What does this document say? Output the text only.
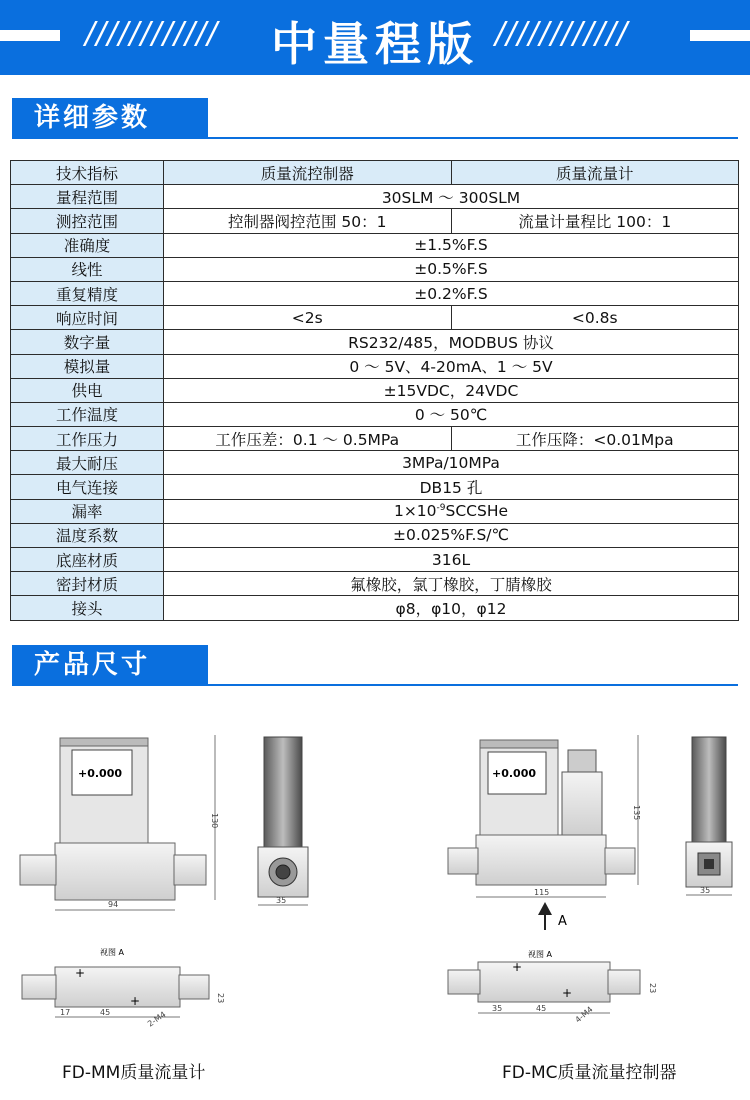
////////////	中量程版 ////////////
详细参数
技术指标	质量流控制器	质量流量计
量程范围	30SLM ～ 300SLM	
测控范围	控制器阀控范围 50：1	流量计量程比 100：1
准确度	±1.5%F.S	
线性	±0.5%F.S	
重复精度	±0.2%F.S	
响应时间	<2s	<0.8s
数字量	RS232/485，MODBUS 协议	
模拟量	0 ～ 5V、4-20mA、1 ～ 5V	
供电	±15VDC，24VDC	
工作温度	0 ～ 50℃	
工作压力	工作压差：0.1 ～ 0.5MPa	工作压降：<0.01Mpa
最大耐压	3MPa/10MPa	
电气连接	DB15 孔	
漏率	$1\times 10^{-9}SCCSHe$	
温度系数	±0.025%F.S/℃	
底座材质	316L	
密封材质	氟橡胶，氯丁橡胶，丁腈橡胶	
接头	φ8，φ10，φ12	
产品尺寸
+0.000
94
130
35
视图 A
+
+
17	45	2-M4
23
+0.000
115
135
A
35
视图 A
+
+
35	45	4-M4
23
FD-MM质量流量计	FD-MC质量流量控制器
